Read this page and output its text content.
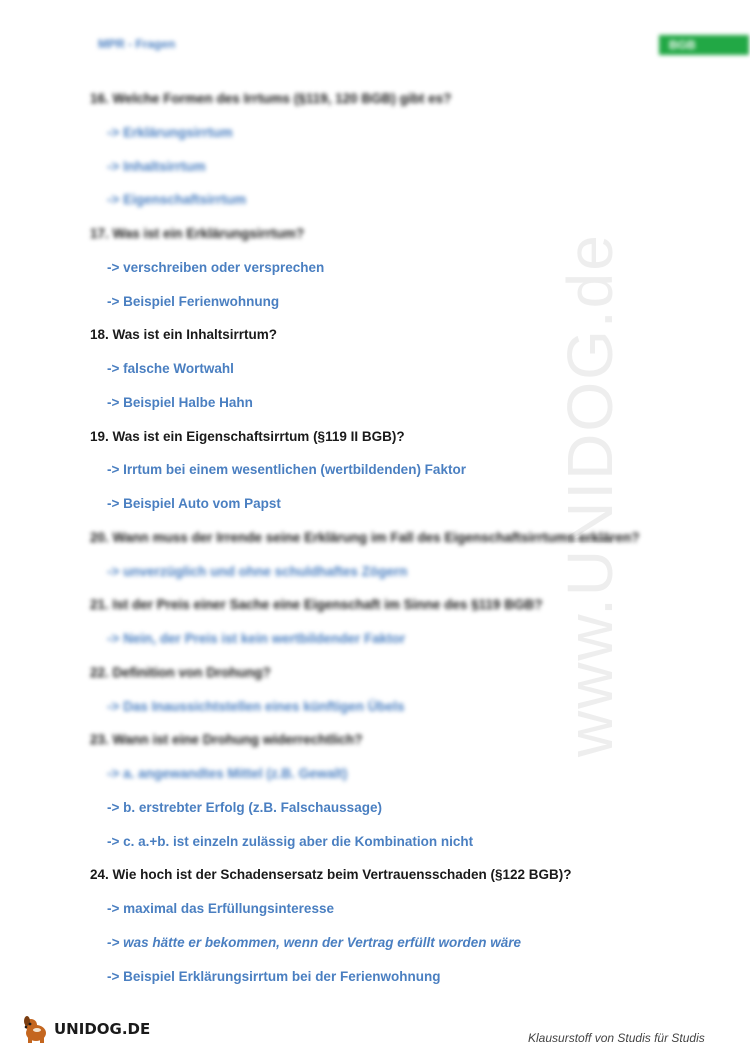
MPR - Fragen	BGB
www.UNIDOG.de
16. Welche Formen des Irrtums (§119, 120 BGB) gibt es?
-> Erklärungsirrtum
-> Inhaltsirrtum
-> Eigenschaftsirrtum
17. Was ist ein Erklärungsirrtum?
-> verschreiben oder versprechen
-> Beispiel Ferienwohnung
18. Was ist ein Inhaltsirrtum?
-> falsche Wortwahl
-> Beispiel Halbe Hahn
19. Was ist ein Eigenschaftsirrtum (§119 II BGB)?
-> Irrtum bei einem wesentlichen (wertbildenden) Faktor
-> Beispiel Auto vom Papst
20. Wann muss der Irrende seine Erklärung im Fall des Eigenschaftsirrtums erklären?
-> unverzüglich und ohne schuldhaftes Zögern
21. Ist der Preis einer Sache eine Eigenschaft im Sinne des §119 BGB?
-> Nein, der Preis ist kein wertbildender Faktor
22. Definition von Drohung?
-> Das Inaussichtstellen eines künftigen Übels
23. Wann ist eine Drohung widerrechtlich?
-> a. angewandtes Mittel (z.B. Gewalt)
-> b. erstrebter Erfolg (z.B. Falschaussage)
-> c. a.+b. ist einzeln zulässig aber die Kombination nicht
24. Wie hoch ist der Schadensersatz beim Vertrauensschaden (§122 BGB)?
-> maximal das Erfüllungsinteresse
-> was hätte er bekommen, wenn der Vertrag erfüllt worden wäre
-> Beispiel Erklärungsirrtum bei der Ferienwohnung
UNIDOG.DE	Klausurstoff von Studis für Studis
